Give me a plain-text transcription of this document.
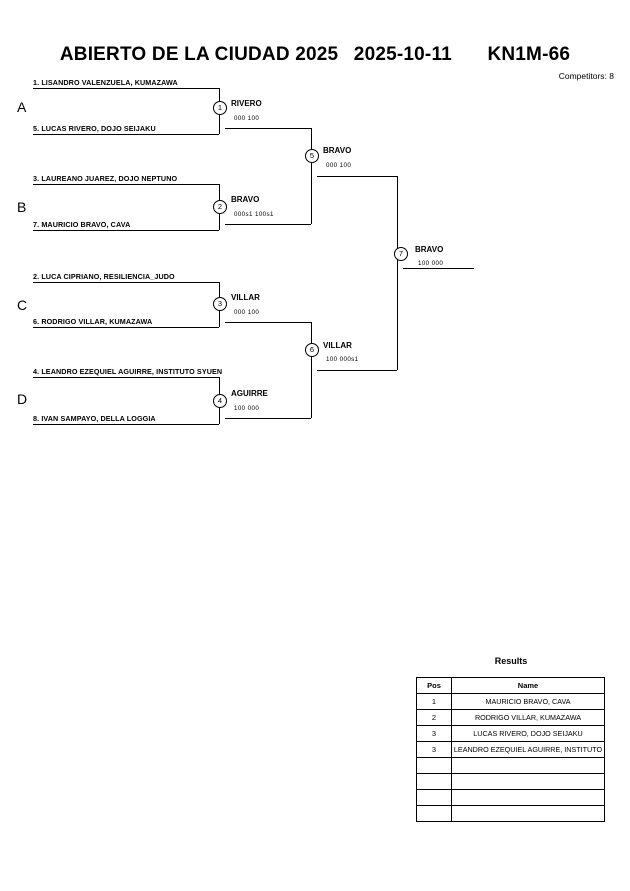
ABIERTO DE LA CIUDAD 2025 2025-10-11 KN1M-66
Competitors: 8
A
B
C
D
1. LISANDRO VALENZUELA, KUMAZAWA
5. LUCAS RIVERO, DOJO SEIJAKU
3. LAUREANO JUAREZ, DOJO NEPTUNO
7. MAURICIO BRAVO, CAVA
2. LUCA CIPRIANO, RESILIENCIA_JUDO
6. RODRIGO VILLAR, KUMAZAWA
4. LEANDRO EZEQUIEL AGUIRRE, INSTITUTO SYUEN
8. IVAN SAMPAYO, DELLA LOGGIA
1
2
3
4
5
6
7
RIVERO
000 100
BRAVO
000s1 100s1
VILLAR
000 100
AGUIRRE
100 000
BRAVO
000 100
VILLAR
100 000s1
BRAVO
100 000
Results
Pos	Name
1	MAURICIO BRAVO, CAVA
2	RODRIGO VILLAR, KUMAZAWA
3	LUCAS RIVERO, DOJO SEIJAKU
3	LEANDRO EZEQUIEL AGUIRRE, INSTITUTO
